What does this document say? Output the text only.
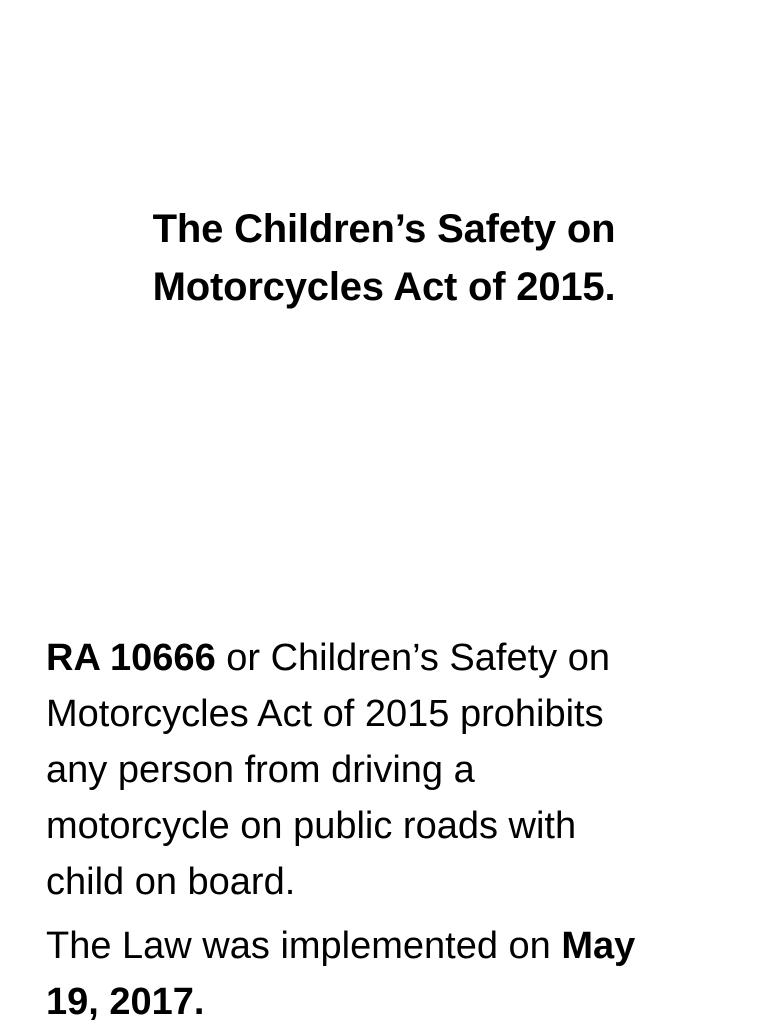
The Children’s Safety on
Motorcycles Act of 2015.

RA 10666 or Children’s Safety on
Motorcycles Act of 2015 prohibits
any person from driving a
motorcycle on public roads with
child on board.

The Law was implemented on May
19, 2017.
